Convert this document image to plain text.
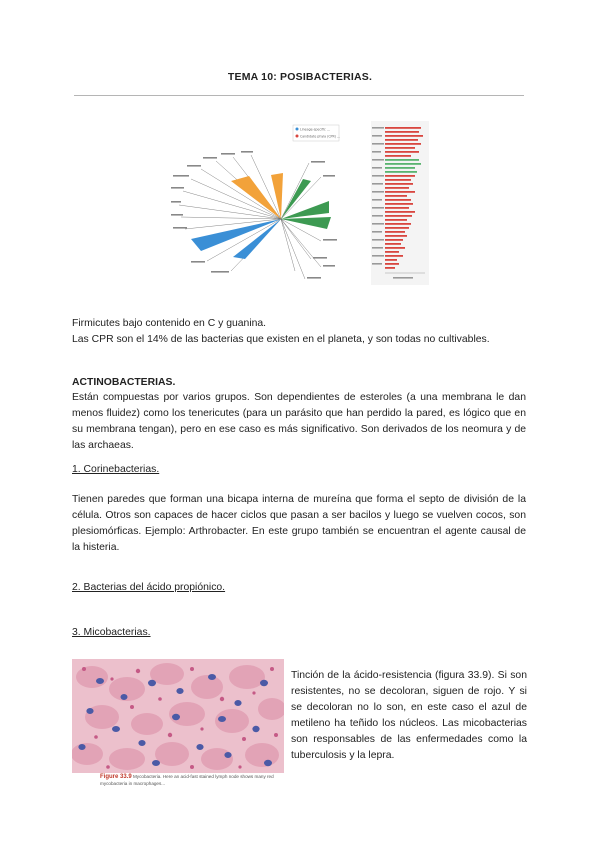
TEMA 10: POSIBACTERIAS.
Lineage-specific ...
Candidate phyla (CPR) ...

Firmicutes bajo contenido en C y guanina.

Las CPR son el 14% de las bacterias que existen en el planeta, y son todas no cultivables.

ACTINOBACTERIAS.

Están compuestas por varios grupos. Son dependientes de esteroles (a una membrana le dan menos fluidez) como los tenericutes (para un parásito que han perdido la pared, es lógico que en su membrana tengan), pero en ese caso es más significativo. Son derivados de los neomura y de las archaeas.

1. Corinebacterias.

Tienen paredes que forman una bicapa interna de mureína que forma el septo de división de la célula. Otros son capaces de hacer ciclos que pasan a ser bacilos y luego se vuelven cocos, son plesiomórficas. Ejemplo: Arthrobacter. En este grupo también se encuentran el agente causal de la histeria.

2. Bacterias del ácido propiónico.
3. Micobacterias.
Figure 33.9 Mycobacteria. Here an acid-fast stained lymph node shows many red mycobacteria in macrophages...

Tinción de la ácido-resistencia (figura 33.9). Si son resistentes, no se decoloran, siguen de rojo. Y si se decoloran no lo son, en este caso el azul de metileno ha teñido los núcleos. Las micobacterias son responsables de las enfermedades como la tuberculosis y la lepra.
